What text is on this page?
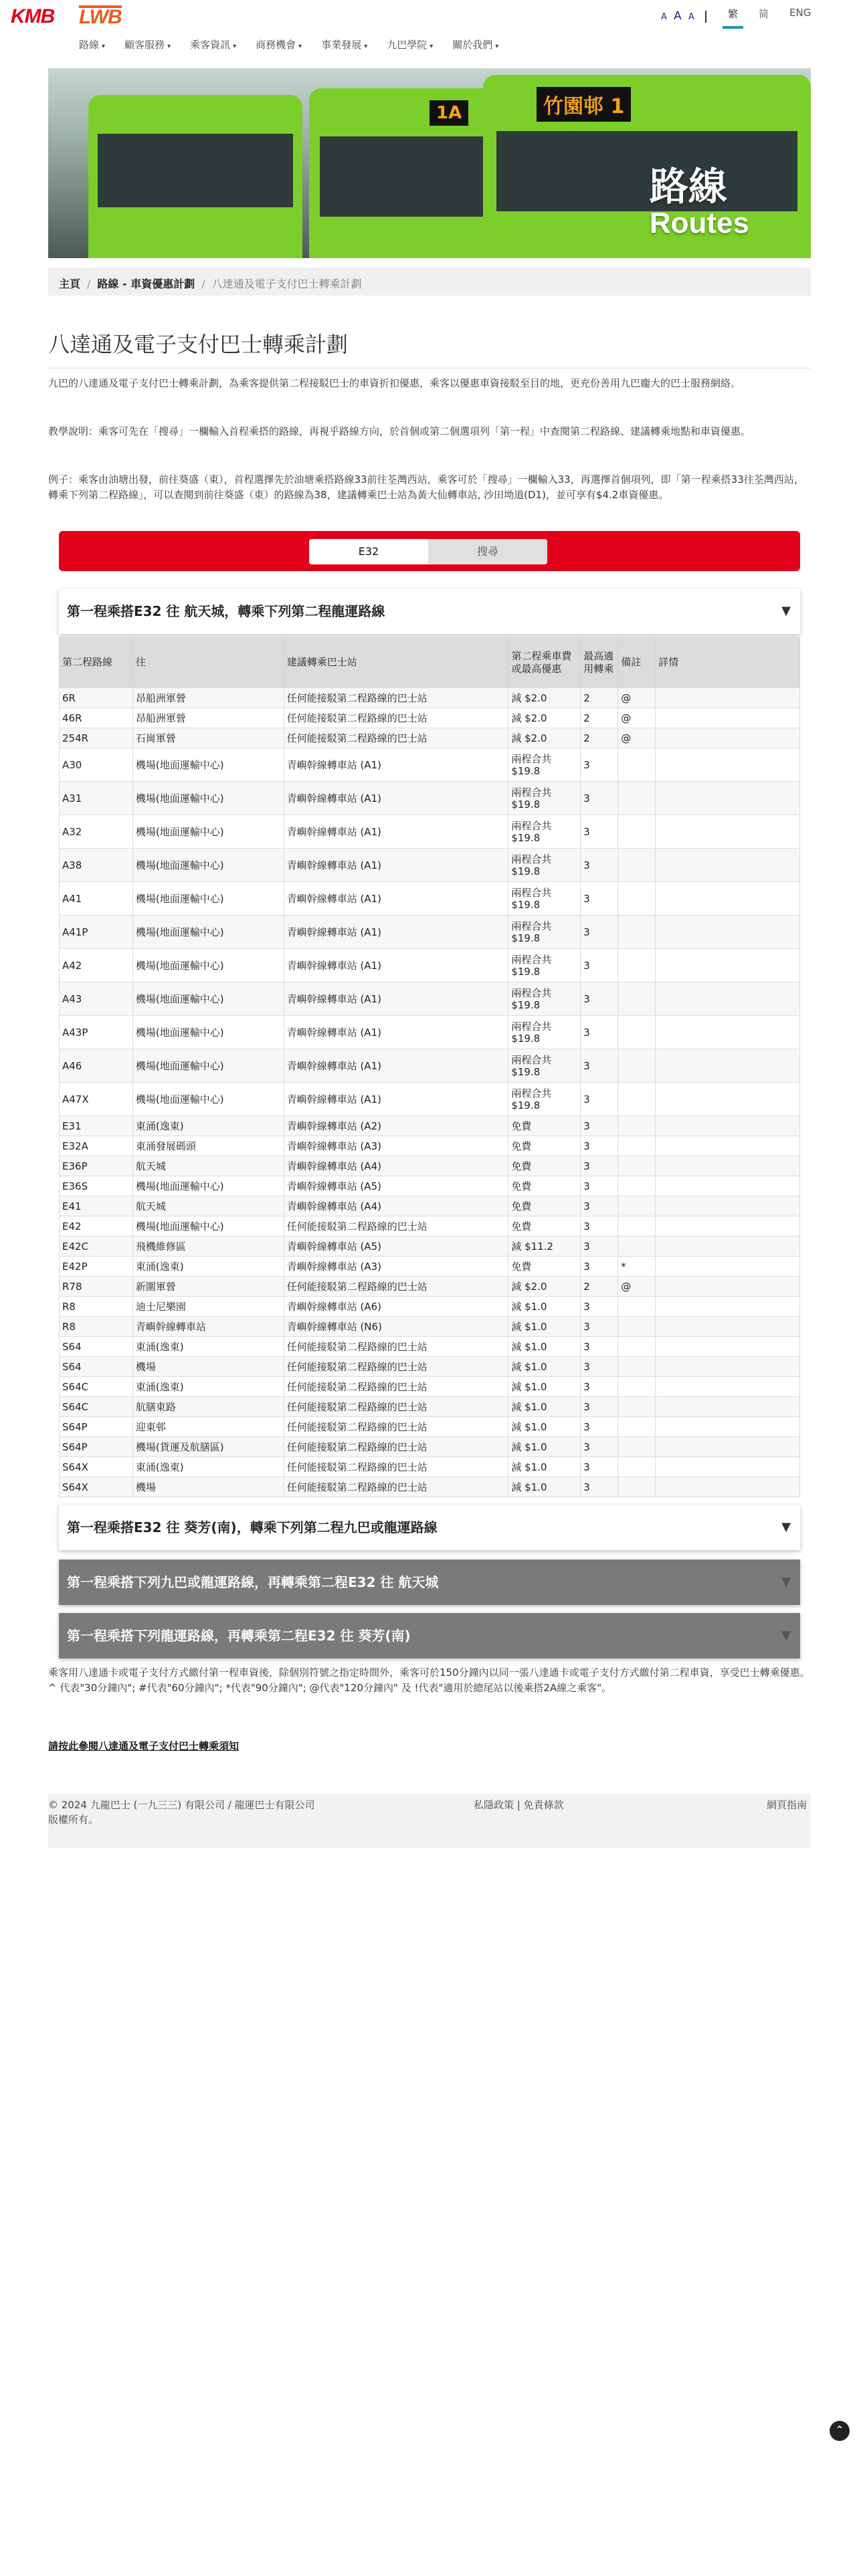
KMB LWB	A A A	繁	简	ENG
路線 ▾ 顧客服務 ▾ 乘客資訊 ▾ 商務機會 ▾ 事業發展 ▾ 九巴學院 ▾ 關於我們 ▾
1A	竹園邨 1
路線
Routes
主頁 / 路線 - 車資優惠計劃 / 八達通及電子支付巴士轉乘計劃
八達通及電子支付巴士轉乘計劃

九巴的八達通及電子支付巴士轉乘計劃，為乘客提供第二程接駁巴士的車資折扣優惠，乘客以優惠車資接駁至目的地，更充份善用九巴龐大的巴士服務網絡。

教學說明：乘客可先在「搜尋」一欄輸入首程乘搭的路線，再視乎路線方向，於首個或第二個選項列「第一程」中查閱第二程路線、建議轉乘地點和車資優惠。

例子：乘客由油塘出發，前往葵盛（東），首程選擇先於油塘乘搭路線33前往荃灣西站，乘客可於「搜尋」一欄輸入33，再選擇首個項列，即「第一程乘搭33往荃灣西站，轉乘下列第二程路線」，可以查閱到前往葵盛（東）的路線為38，建議轉乘巴士站為黃大仙轉車站, 沙田坳道(D1)，並可享有$4.2車資優惠。

E32	搜尋
第一程乘搭E32 往 航天城，轉乘下列第二程龍運路線	▼
第二程路線	往	建議轉乘巴士站	第二程乘車費或最高優惠	最高適用轉乘	備註	詳情
6R	昂船洲軍營	任何能接駁第二程路線的巴士站	減 $2.0	2	@	
46R	昂船洲軍營	任何能接駁第二程路線的巴士站	減 $2.0	2	@	
254R	石崗軍營	任何能接駁第二程路線的巴士站	減 $2.0	2	@	
A30	機場(地面運輸中心)	青嶼幹線轉車站 (A1)	兩程合共 $19.8	3		
A31	機場(地面運輸中心)	青嶼幹線轉車站 (A1)	兩程合共 $19.8	3		
A32	機場(地面運輸中心)	青嶼幹線轉車站 (A1)	兩程合共 $19.8	3		
A38	機場(地面運輸中心)	青嶼幹線轉車站 (A1)	兩程合共 $19.8	3		
A41	機場(地面運輸中心)	青嶼幹線轉車站 (A1)	兩程合共 $19.8	3		
A41P	機場(地面運輸中心)	青嶼幹線轉車站 (A1)	兩程合共 $19.8	3		
A42	機場(地面運輸中心)	青嶼幹線轉車站 (A1)	兩程合共 $19.8	3		
A43	機場(地面運輸中心)	青嶼幹線轉車站 (A1)	兩程合共 $19.8	3		
A43P	機場(地面運輸中心)	青嶼幹線轉車站 (A1)	兩程合共 $19.8	3		
A46	機場(地面運輸中心)	青嶼幹線轉車站 (A1)	兩程合共 $19.8	3		
A47X	機場(地面運輸中心)	青嶼幹線轉車站 (A1)	兩程合共 $19.8	3		
E31	東涌(逸東)	青嶼幹線轉車站 (A2)	免費	3		
E32A	東涌發展碼頭	青嶼幹線轉車站 (A3)	免費	3		
E36P	航天城	青嶼幹線轉車站 (A4)	免費	3		
E36S	機場(地面運輸中心)	青嶼幹線轉車站 (A5)	免費	3		
E41	航天城	青嶼幹線轉車站 (A4)	免費	3		
E42	機場(地面運輸中心)	任何能接駁第二程路線的巴士站	免費	3		
E42C	飛機維修區	青嶼幹線轉車站 (A5)	減 $11.2	3		
E42P	東涌(逸東)	青嶼幹線轉車站 (A3)	免費	3	*	
R78	新圍軍營	任何能接駁第二程路線的巴士站	減 $2.0	2	@	
R8	迪士尼樂園	青嶼幹線轉車站 (A6)	減 $1.0	3		
R8	青嶼幹線轉車站	青嶼幹線轉車站 (N6)	減 $1.0	3		
S64	東涌(逸東)	任何能接駁第二程路線的巴士站	減 $1.0	3		
S64	機場	任何能接駁第二程路線的巴士站	減 $1.0	3		
S64C	東涌(逸東)	任何能接駁第二程路線的巴士站	減 $1.0	3		
S64C	航膳東路	任何能接駁第二程路線的巴士站	減 $1.0	3		
S64P	迎東邨	任何能接駁第二程路線的巴士站	減 $1.0	3		
S64P	機場(貨運及航膳區)	任何能接駁第二程路線的巴士站	減 $1.0	3		
S64X	東涌(逸東)	任何能接駁第二程路線的巴士站	減 $1.0	3		
S64X	機場	任何能接駁第二程路線的巴士站	減 $1.0	3		
第一程乘搭E32 往 葵芳(南)，轉乘下列第二程九巴或龍運路線	▼
第一程乘搭下列九巴或龍運路線，再轉乘第二程E32 往 航天城	▼
第一程乘搭下列龍運路線，再轉乘第二程E32 往 葵芳(南)	▼

乘客用八達通卡或電子支付方式繳付第一程車資後，除個別符號之指定時間外，乘客可於150分鐘內以同一張八達通卡或電子支付方式繳付第二程車資，享受巴士轉乘優惠。 ^ 代表"30分鐘內"; #代表"60分鐘內"; *代表"90分鐘內"; @代表"120分鐘內" 及 !代表"適用於總尾站以後乘搭2A線之乘客"。

請按此參閱八達通及電子支付巴士轉乘須知
© 2024 九龍巴士 (一九三三) 有限公司 / 龍運巴士有限公司
版權所有。
私隱政策 | 免責條款	網頁指南
⌃
